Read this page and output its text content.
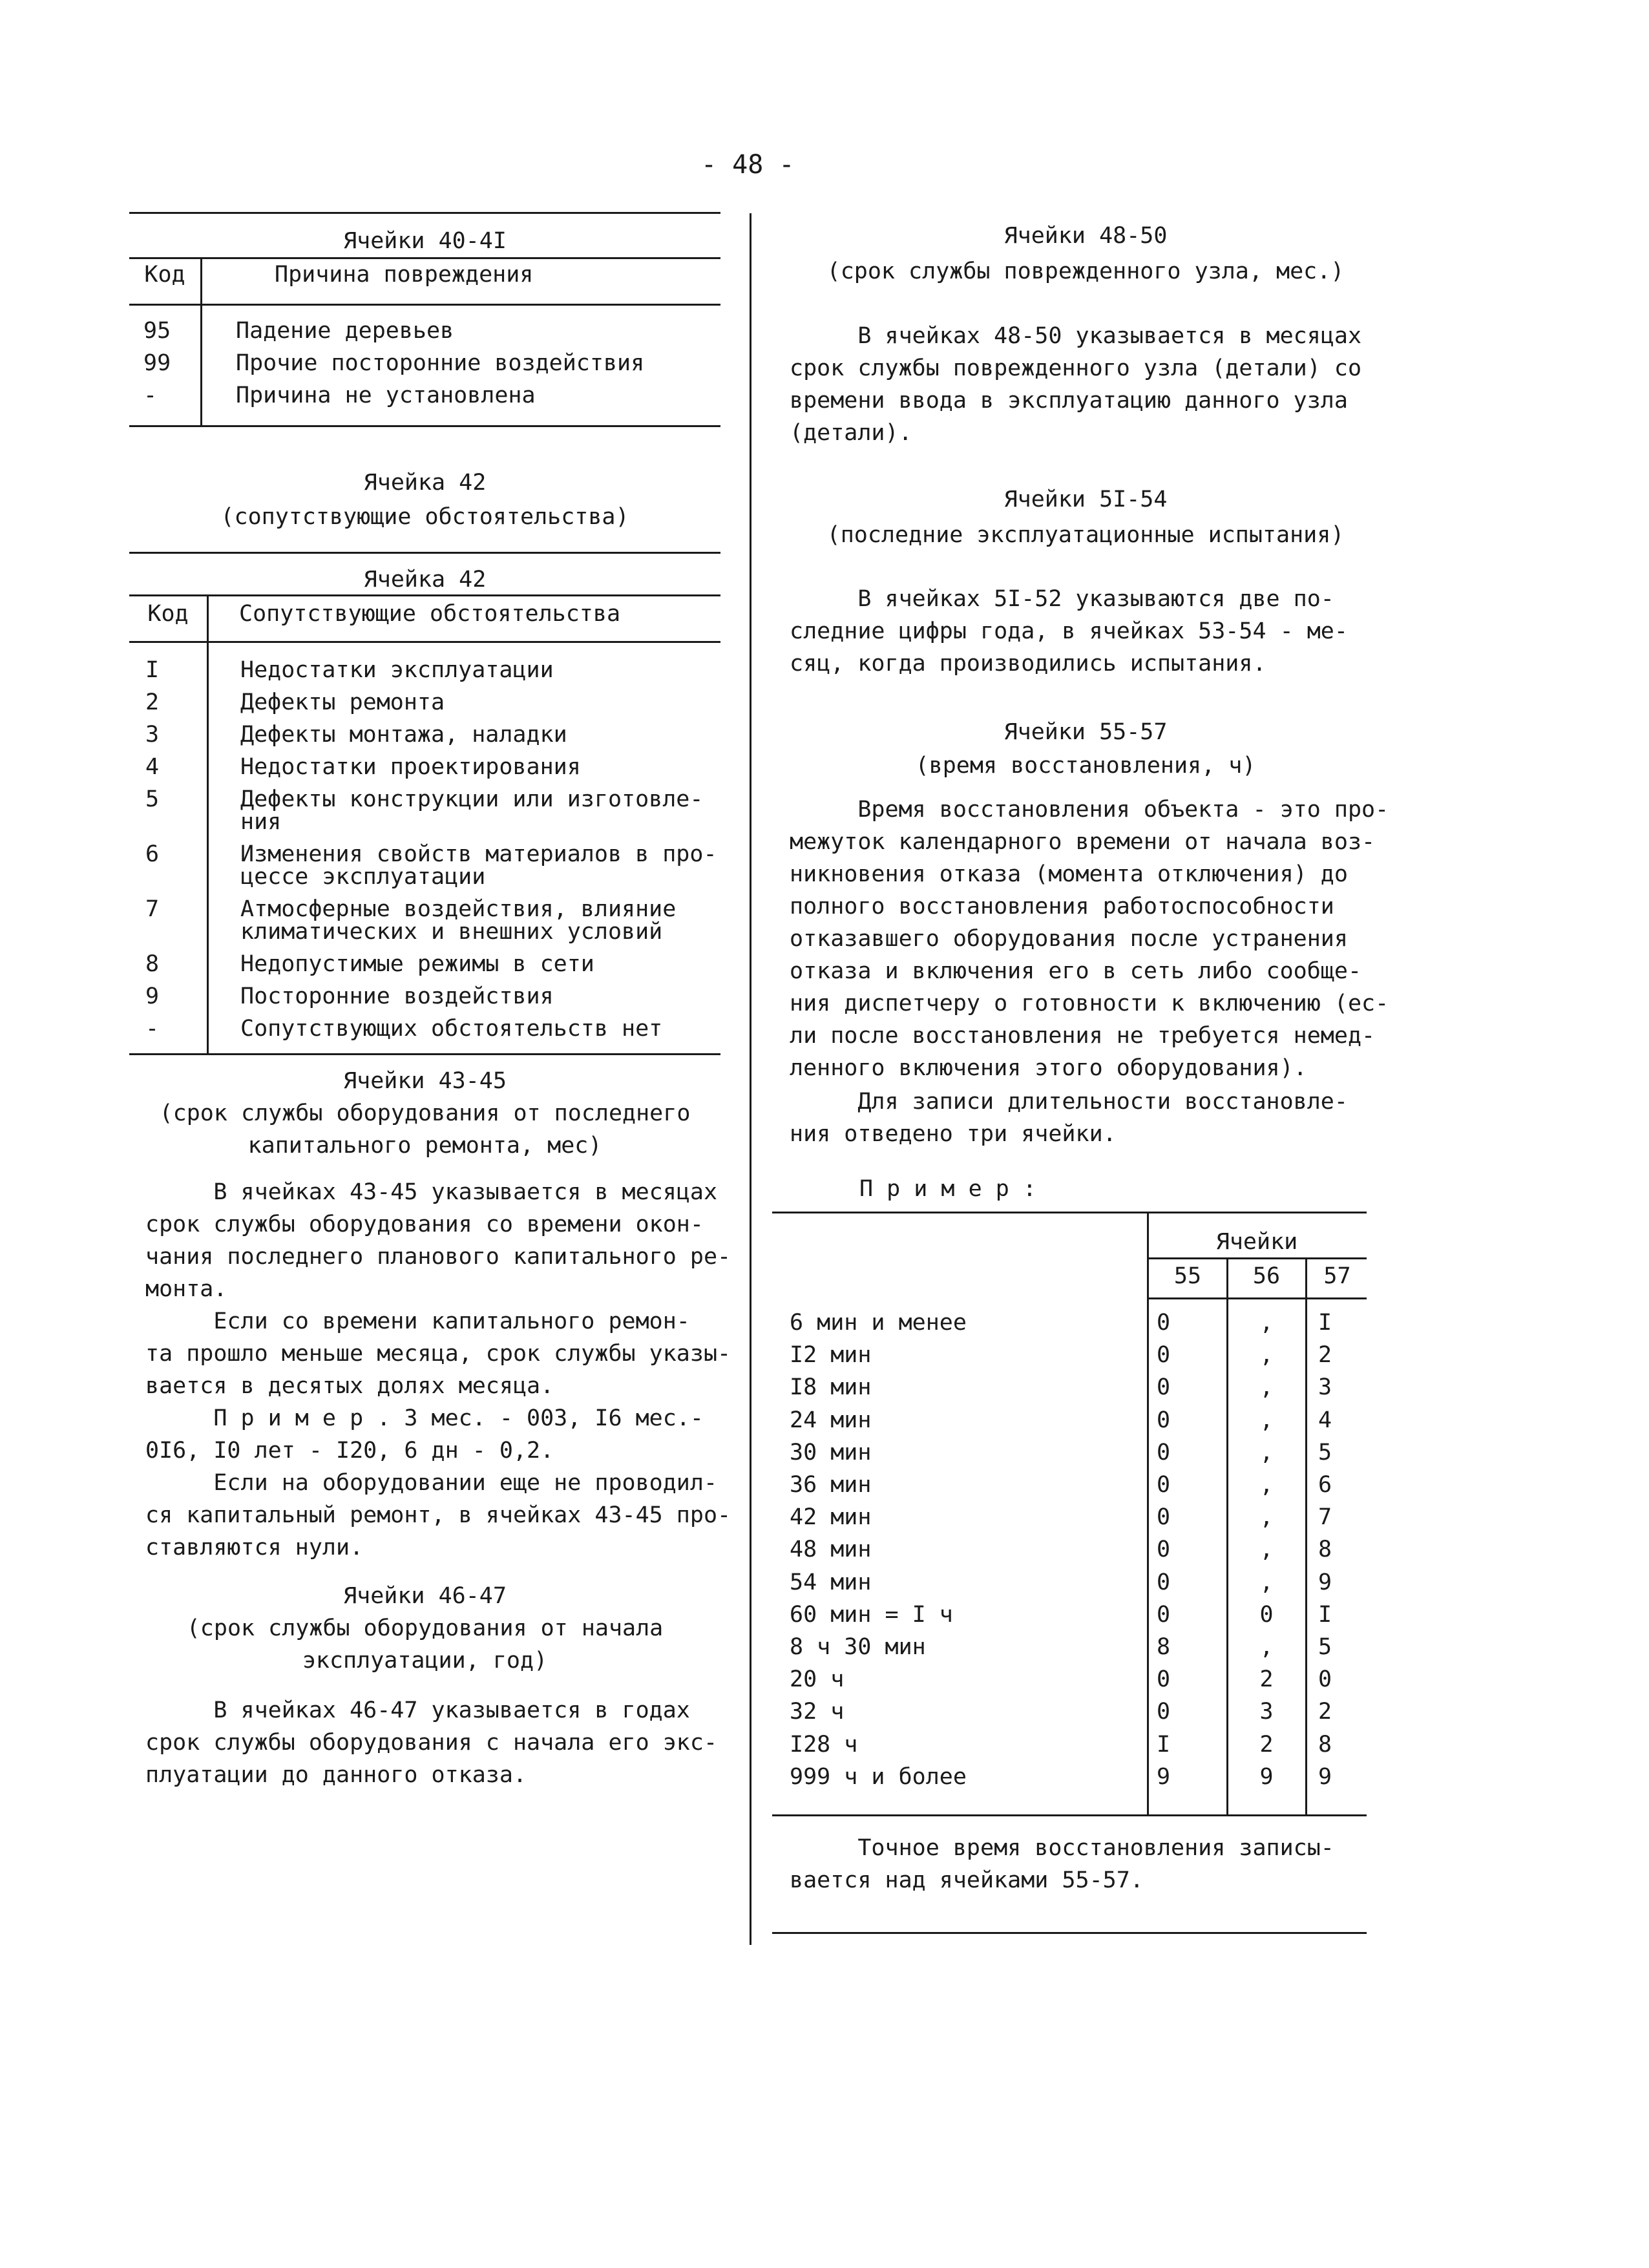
- 48 -
Ячейки 40-4I
Код	Причина повреждения
95	Падение деревьев
99	Прочие посторонние воздействия
-	Причина не установлена
Ячейка 42
(сопутствующие обстоятельства)
Ячейка 42
Код	Сопутствующие обстоятельства
I	Недостатки эксплуатации
2	Дефекты ремонта
3	Дефекты монтажа, наладки
4	Недостатки проектирования
5	Дефекты конструкции или изготовле-
ния
6	Изменения свойств материалов в про-
цессе эксплуатации
7	Атмосферные воздействия, влияние
климатических и внешних условий
8	Недопустимые режимы в сети
9	Посторонние воздействия
-	Сопутствующих обстоятельств нет
Ячейки 43-45
(срок службы оборудования от последнего
капитального ремонта, мес)
В ячейках 43-45 указывается в месяцах
срок службы оборудования со времени окон-
чания последнего планового капитального ре-
монта.
Если со времени капитального ремон-
та прошло меньше месяца, срок службы указы-
вается в десятых долях месяца.
П р и м е р . 3 мес. - 003, I6 мес.-
0I6, I0 лет - I20, 6 дн - 0,2.
Если на оборудовании еще не проводил-
ся капитальный ремонт, в ячейках 43-45 про-
ставляются нули.
Ячейки 46-47
(срок службы оборудования от начала
эксплуатации, год)
В ячейках 46-47 указывается в годах
срок службы оборудования с начала его экс-
плуатации до данного отказа.
Ячейки 48-50
(срок службы поврежденного узла, мес.)
В ячейках 48-50 указывается в месяцах
срок службы поврежденного узла (детали) со
времени ввода в эксплуатацию данного узла
(детали).
Ячейки 5I-54
(последние эксплуатационные испытания)
В ячейках 5I-52 указываются две по-
следние цифры года, в ячейках 53-54 - ме-
сяц, когда производились испытания.
Ячейки 55-57
(время восстановления, ч)
Время восстановления объекта - это про-
межуток календарного времени от начала воз-
никновения отказа (момента отключения) до
полного восстановления работоспособности
отказавшего оборудования после устранения
отказа и включения его в сеть либо сообще-
ния диспетчеру о готовности к включению (ес-
ли после восстановления не требуется немед-
ленного включения этого оборудования).
Для записи длительности восстановле-
ния отведено три ячейки.
П р и м е р :
Ячейки
55	56	57
6 мин и менее	0	,	I
I2 мин	0	,	2
I8 мин	0	,	3
24 мин	0	,	4
30 мин	0	,	5
36 мин	0	,	6
42 мин	0	,	7
48 мин	0	,	8
54 мин	0	,	9
60 мин = I ч	0	0	I
8 ч 30 мин	8	,	5
20 ч	0	2	0
32 ч	0	3	2
I28 ч	I	2	8
999 ч и более	9	9	9
Точное время восстановления записы-
вается над ячейками 55-57.
